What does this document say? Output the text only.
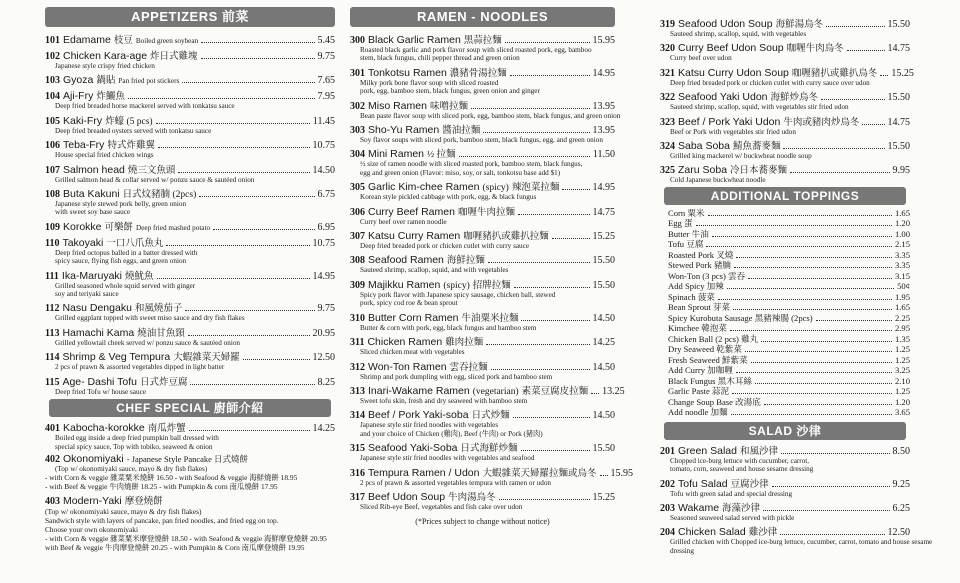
APPETIZERS 前菜
101 Edamame 枝豆 Boiled green soybean	5.45
102 Chicken Kara-age 炸日式雞塊	9.75
Japanese style crispy fried chicken
103 Gyoza 鍋貼 Pan fried pot stickers	7.65
104 Aji-Fry 炸鱺魚	7.95
Deep fried breaded horse mackerel served with tonkatsu sauce
105 Kaki-Fry 炸蠔 (5 pcs)	11.45
Deep fried breaded oysters served with tonkatsu sauce
106 Teba-Fry 特式炸雞翼	10.75
House special fried chicken wings
107 Salmon head 燒三文魚頭	14.50
Grilled salmon head & collar served w/ ponzu sauce & sautéed onion
108 Buta Kakuni 日式炆豬腩 (2pcs)	6.75
Japanese style stewed pork belly, green onion
with sweet soy base sauce
109 Korokke 可樂餅 Deep fried mashed potato	6.95
110 Takoyaki 一口八爪魚丸	10.75
Deep fried octopus balled in a batter dressed with
spicy sauce, flying fish eggs, and green onion
111 Ika-Maruyaki 燒魷魚	14.95
Grilled seasoned whole squid served with ginger
soy and teriyaki sauce
112 Nasu Dengaku 和風燒茄子	9.75
Grilled eggplant topped with sweet miso sauce and dry fish flakes
113 Hamachi Kama 燒油甘魚頸	20.95
Grilled yellowtail cheek served w/ ponzu sauce & sautéed onion
114 Shrimp & Veg Tempura 大蝦雜菜天婦羅	12.50
2 pcs of prawn & assorted vegetables dipped in light batter
115 Age- Dashi Tofu 日式炸豆腐	8.25
Deep fried Tofu w/ house sauce
CHEF SPECIAL 廚師介紹
401 Kabocha-korokke 南瓜炸蟹	14.25
Boiled egg inside a deep fried pumpkin ball dressed with
special spicy sauce, Top with tobiko, seaweed & onion
402 Okonomiyaki - Japanese Style Pancake 日式燒餅
(Top w/ okonomiyaki sauce, mayo & dry fish flakes)
- with Corn & veggie 雜菜粟米燒餅 16.50 - with Seafood & veggie 海鮮燒餅 18.95
- with Beef & veggie 牛肉燒餅 18.25 - with Pumpkin & corn 南瓜燒餅 17.95
403 Modern-Yaki 摩登燒餅
(Top w/ okonomiyaki sauce, mayo & dry fish flakes)
Sandwich style with layers of pancake, pan fried noodles, and fried egg on top.
Choose your own okonomiyaki
- with Corn & veggie 雜菜粟米摩登燒餅 18.50 - with Seafood & veggie 海鮮摩登燒餅 20.95
with Beef & veggie 牛肉摩登燒餅 20.25 - with Pumpkin & Corn 南瓜摩登燒餅 19.95
RAMEN - NOODLES
300 Black Garlic Ramen 黑蒜拉麵	15.95
Roasted black garlic and pork flavor soup with sliced roasted pork, egg, bamboo
stem, black fungus, chili pepper thread and green onion
301 Tonkotsu Ramen 濃豬骨湯拉麵	14.95
Milky pork bone flavor soup with sliced roasted
pork, egg, bamboo stem, black fungus, green onion and ginger
302 Miso Ramen 味噌拉麵	13.95
Bean paste flavor soup with sliced pork, egg, bamboo stem, black fungus, and green onion
303 Sho-Yu Ramen 醬油拉麵	13.95
Soy flavor soups with sliced pork, bamboo stem, black fungus, egg, and green onion
304 Mini Ramen ½ 拉麵	11.50
½ size of ramen noodle with sliced roasted pork, bamboo stem, black fungus,
egg and green onion (Flavor: miso, soy, or salt, tonkotsu base add $1)
305 Garlic Kim-chee Ramen (spicy) 辣泡菜拉麵	14.95
Korean style pickled cabbage with pork, egg, & black fungus
306 Curry Beef Ramen 咖喱牛肉拉麵	14.75
Curry beef over ramen noodle
307 Katsu Curry Ramen 咖喱豬扒或雞扒拉麵	15.25
Deep fried breaded pork or chicken cutlet with curry sauce
308 Seafood Ramen 海鮮拉麵	15.50
Sauteed shrimp, scallop, squid, and with vegetables
309 Majikku Ramen (spicy) 招牌拉麵	15.50
Spicy pork flavor with Japanese spicy sausage, chicken ball, stewed
pork, spicy cod roe & bean sprout
310 Butter Corn Ramen 牛油粟米拉麵	14.50
Butter & corn with pork, egg, black fungus and bamboo stem
311 Chicken Ramen 雞肉拉麵	14.25
Sliced chicken meat with vegetables
312 Won-Ton Ramen 雲吞拉麵	14.50
Shrimp and pork dumpling with egg, sliced pork and bamboo stem
313 Inari-Wakame Ramen (vegetarian) 素菜豆腐皮拉麵 13.25
Sweet tofu skin, fresh and dry seaweed with bamboo stem
314 Beef / Pork Yaki-soba 日式炒麵	14.50
Japanese style stir fried noodles with vegetables
and your choice of Chicken (雞肉), Beef (牛肉) or Pork (豬肉)
315 Seafood Yaki-Soba 日式海鮮炒麵	15.50
Japanese style stir fried noodles with vegetables and seafood
316 Tempura Ramen / Udon 大蝦雜菜天婦羅拉麵或烏冬 15.95
2 pcs of prawn & assorted vegetables tempura with ramen or udon
317 Beef Udon Soup 牛肉湯烏冬	15.25
Sliced Rib-eye Beef, vegetables and fish cake over udon
(*Prices subject to change without notice)
319 Seafood Udon Soup 海鮮湯烏冬	15.50
Sauteed shrimp, scallop, squid, with vegetables
320 Curry Beef Udon Soup 咖喱牛肉烏冬	14.75
Curry beef over udon
321 Katsu Curry Udon Soup 咖喱豬扒或雞扒烏冬 15.25
Deep fried breaded pork or chicken cutlet with curry sauce over udon
322 Seafood Yaki Udon 海鮮炒烏冬	15.50
Sauteed shrimp, scallop, squid, with vegetables stir fried udon
323 Beef / Pork Yaki Udon 牛肉或豬肉炒烏冬	14.75
Beef or Pork with vegetables stir fried udon
324 Saba Soba 鯖魚蕎麥麵	15.50
Grilled king mackerel w/ buckwheat noodle soup
325 Zaru Soba 冷日本蕎麥麵	9.95
Cold Japanese buckwheat noodle
ADDITIONAL TOPPINGS
Corn 粟米	1.65
Egg 蛋	1.20
Butter 牛油	1.00
Tofu 豆腐	2.15
Roasted Pork 叉燒	3.35
Stewed Pork 豬腩	3.35
Won-Ton (3 pcs) 雲吞	3.15
Add Spicy 加辣	50¢
Spinach 菠菜	1.95
Bean Sprout 芽菜	1.65
Spicy Kurobuta Sausage 黑豬辣腸 (2pcs)	2.25
Kimchee 韓泡菜	2.95
Chicken Ball (2 pcs) 雞丸	1.35
Dry Seaweed 乾紫菜	1.25
Fresh Seaweed 鮮紫菜	1.25
Add Curry 加咖喱	3.25
Black Fungus 黑木耳絲	2.10
Garlic Paste 蒜泥	1.25
Change Soup Base 改湯底	1.20
Add noodle 加麵	3.65
SALAD 沙律
201 Green Salad 和風沙律	8.50
Chopped ice-burg lettuce with cucumber, carrot,
tomato, corn, seaweed and house sesame dressing
202 Tofu Salad 豆腐沙律	9.25
Tofu with green salad and special dressing
203 Wakame 海藻沙律	6.25
Seasoned seaweed salad served with pickle
204 Chicken Salad 雞沙律	12.50
Grilled chicken with Chopped ice-burg lettuce, cucumber, carrot, tomato and house sesame
dressing
